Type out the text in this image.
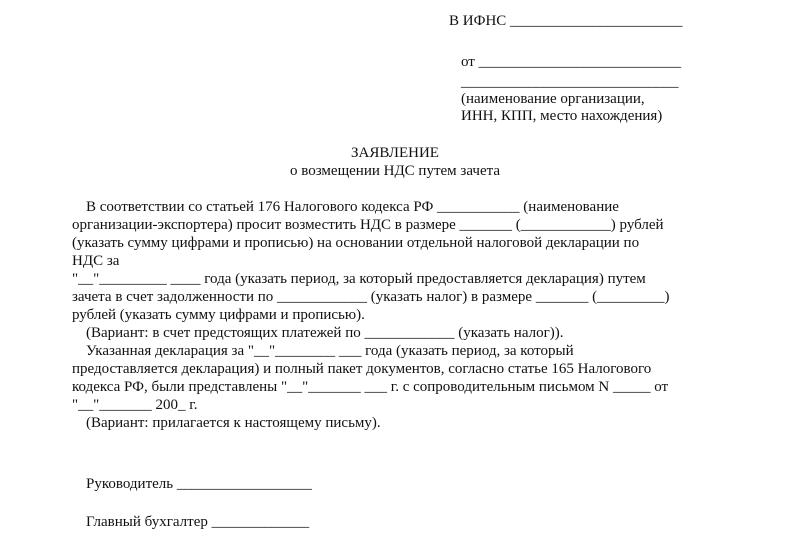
В ИФНС _______________________
от ___________________________
_____________________________
(наименование организации,
ИНН, КПП, место нахождения)
ЗАЯВЛЕНИЕ
о возмещении НДС путем зачета
В соответствии со статьей 176 Налогового кодекса РФ ___________ (наименование
организации-экспортера) просит возместить НДС в размере _______ (____________) рублей
(указать сумму цифрами и прописью) на основании отдельной налоговой декларации по
НДС за
"__"_________ ____ года (указать период, за который предоставляется декларация) путем
зачета в счет задолженности по ____________ (указать налог) в размере _______ (_________)
рублей (указать сумму цифрами и прописью).
(Вариант: в счет предстоящих платежей по ____________ (указать налог)).
Указанная декларация за "__"________ ___ года (указать период, за который
предоставляется декларация) и полный пакет документов, согласно статье 165 Налогового
кодекса РФ, были представлены "__"_______ ___ г. с сопроводительным письмом N _____ от
"__"_______ 200_ г.
(Вариант: прилагается к настоящему письму).
Руководитель __________________
Главный бухгалтер _____________
